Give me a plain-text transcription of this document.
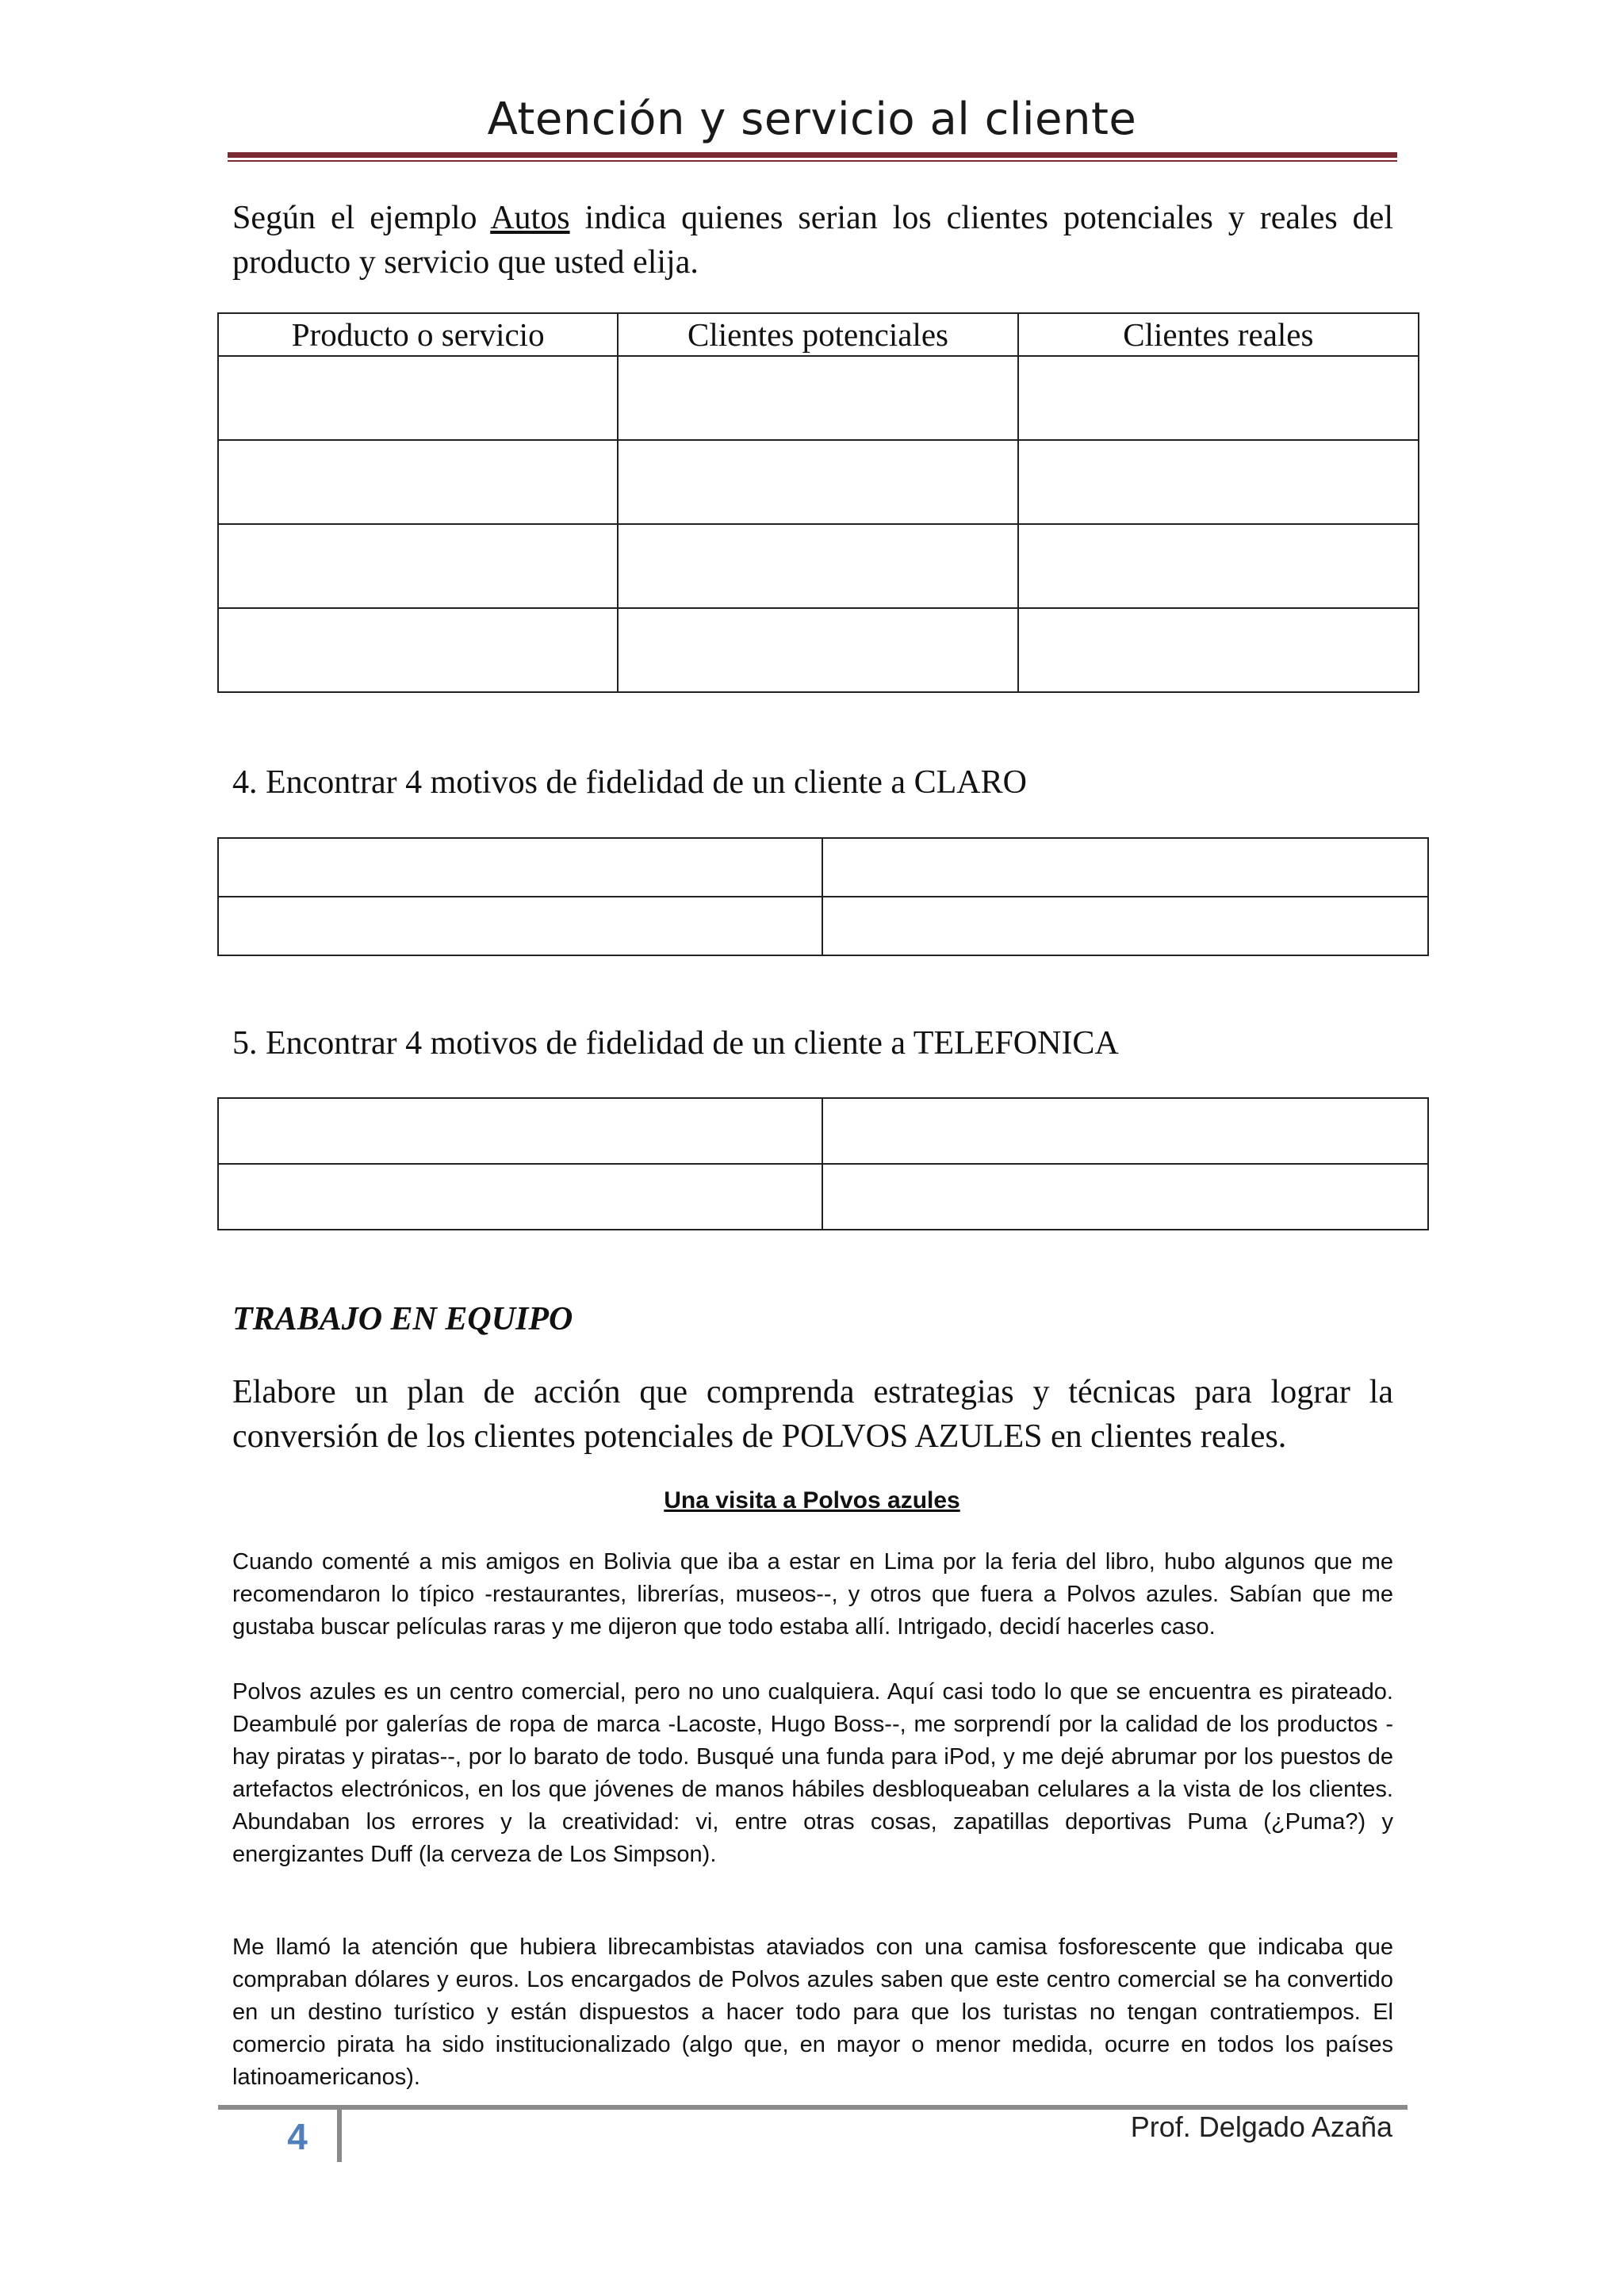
Atención y servicio al cliente
Según el ejemplo Autos indica quienes serian los clientes potenciales y reales del producto y servicio que usted elija.
Producto o servicio	Clientes potenciales	Clientes reales

4. Encontrar 4 motivos de fidelidad de un cliente a CLARO

5. Encontrar 4 motivos de fidelidad de un cliente a TELEFONICA

TRABAJO EN EQUIPO
Elabore un plan de acción que comprenda estrategias y técnicas para lograr la conversión de los clientes potenciales de POLVOS AZULES en clientes reales.
Una visita a Polvos azules
Cuando comenté a mis amigos en Bolivia que iba a estar en Lima por la feria del libro, hubo algunos que me recomendaron lo típico -restaurantes, librerías, museos--, y otros que fuera a Polvos azules. Sabían que me gustaba buscar películas raras y me dijeron que todo estaba allí. Intrigado, decidí hacerles caso.
Polvos azules es un centro comercial, pero no uno cualquiera. Aquí casi todo lo que se encuentra es pirateado. Deambulé por galerías de ropa de marca -Lacoste, Hugo Boss--, me sorprendí por la calidad de los productos -hay piratas y piratas--, por lo barato de todo. Busqué una funda para iPod, y me dejé abrumar por los puestos de artefactos electrónicos, en los que jóvenes de manos hábiles desbloqueaban celulares a la vista de los clientes. Abundaban los errores y la creatividad: vi, entre otras cosas, zapatillas deportivas Puma (¿Puma?) y energizantes Duff (la cerveza de Los Simpson).
Me llamó la atención que hubiera librecambistas ataviados con una camisa fosforescente que indicaba que compraban dólares y euros. Los encargados de Polvos azules saben que este centro comercial se ha convertido en un destino turístico y están dispuestos a hacer todo para que los turistas no tengan contratiempos. El comercio pirata ha sido institucionalizado (algo que, en mayor o menor medida, ocurre en todos los países latinoamericanos).
4	Prof. Delgado Azaña
